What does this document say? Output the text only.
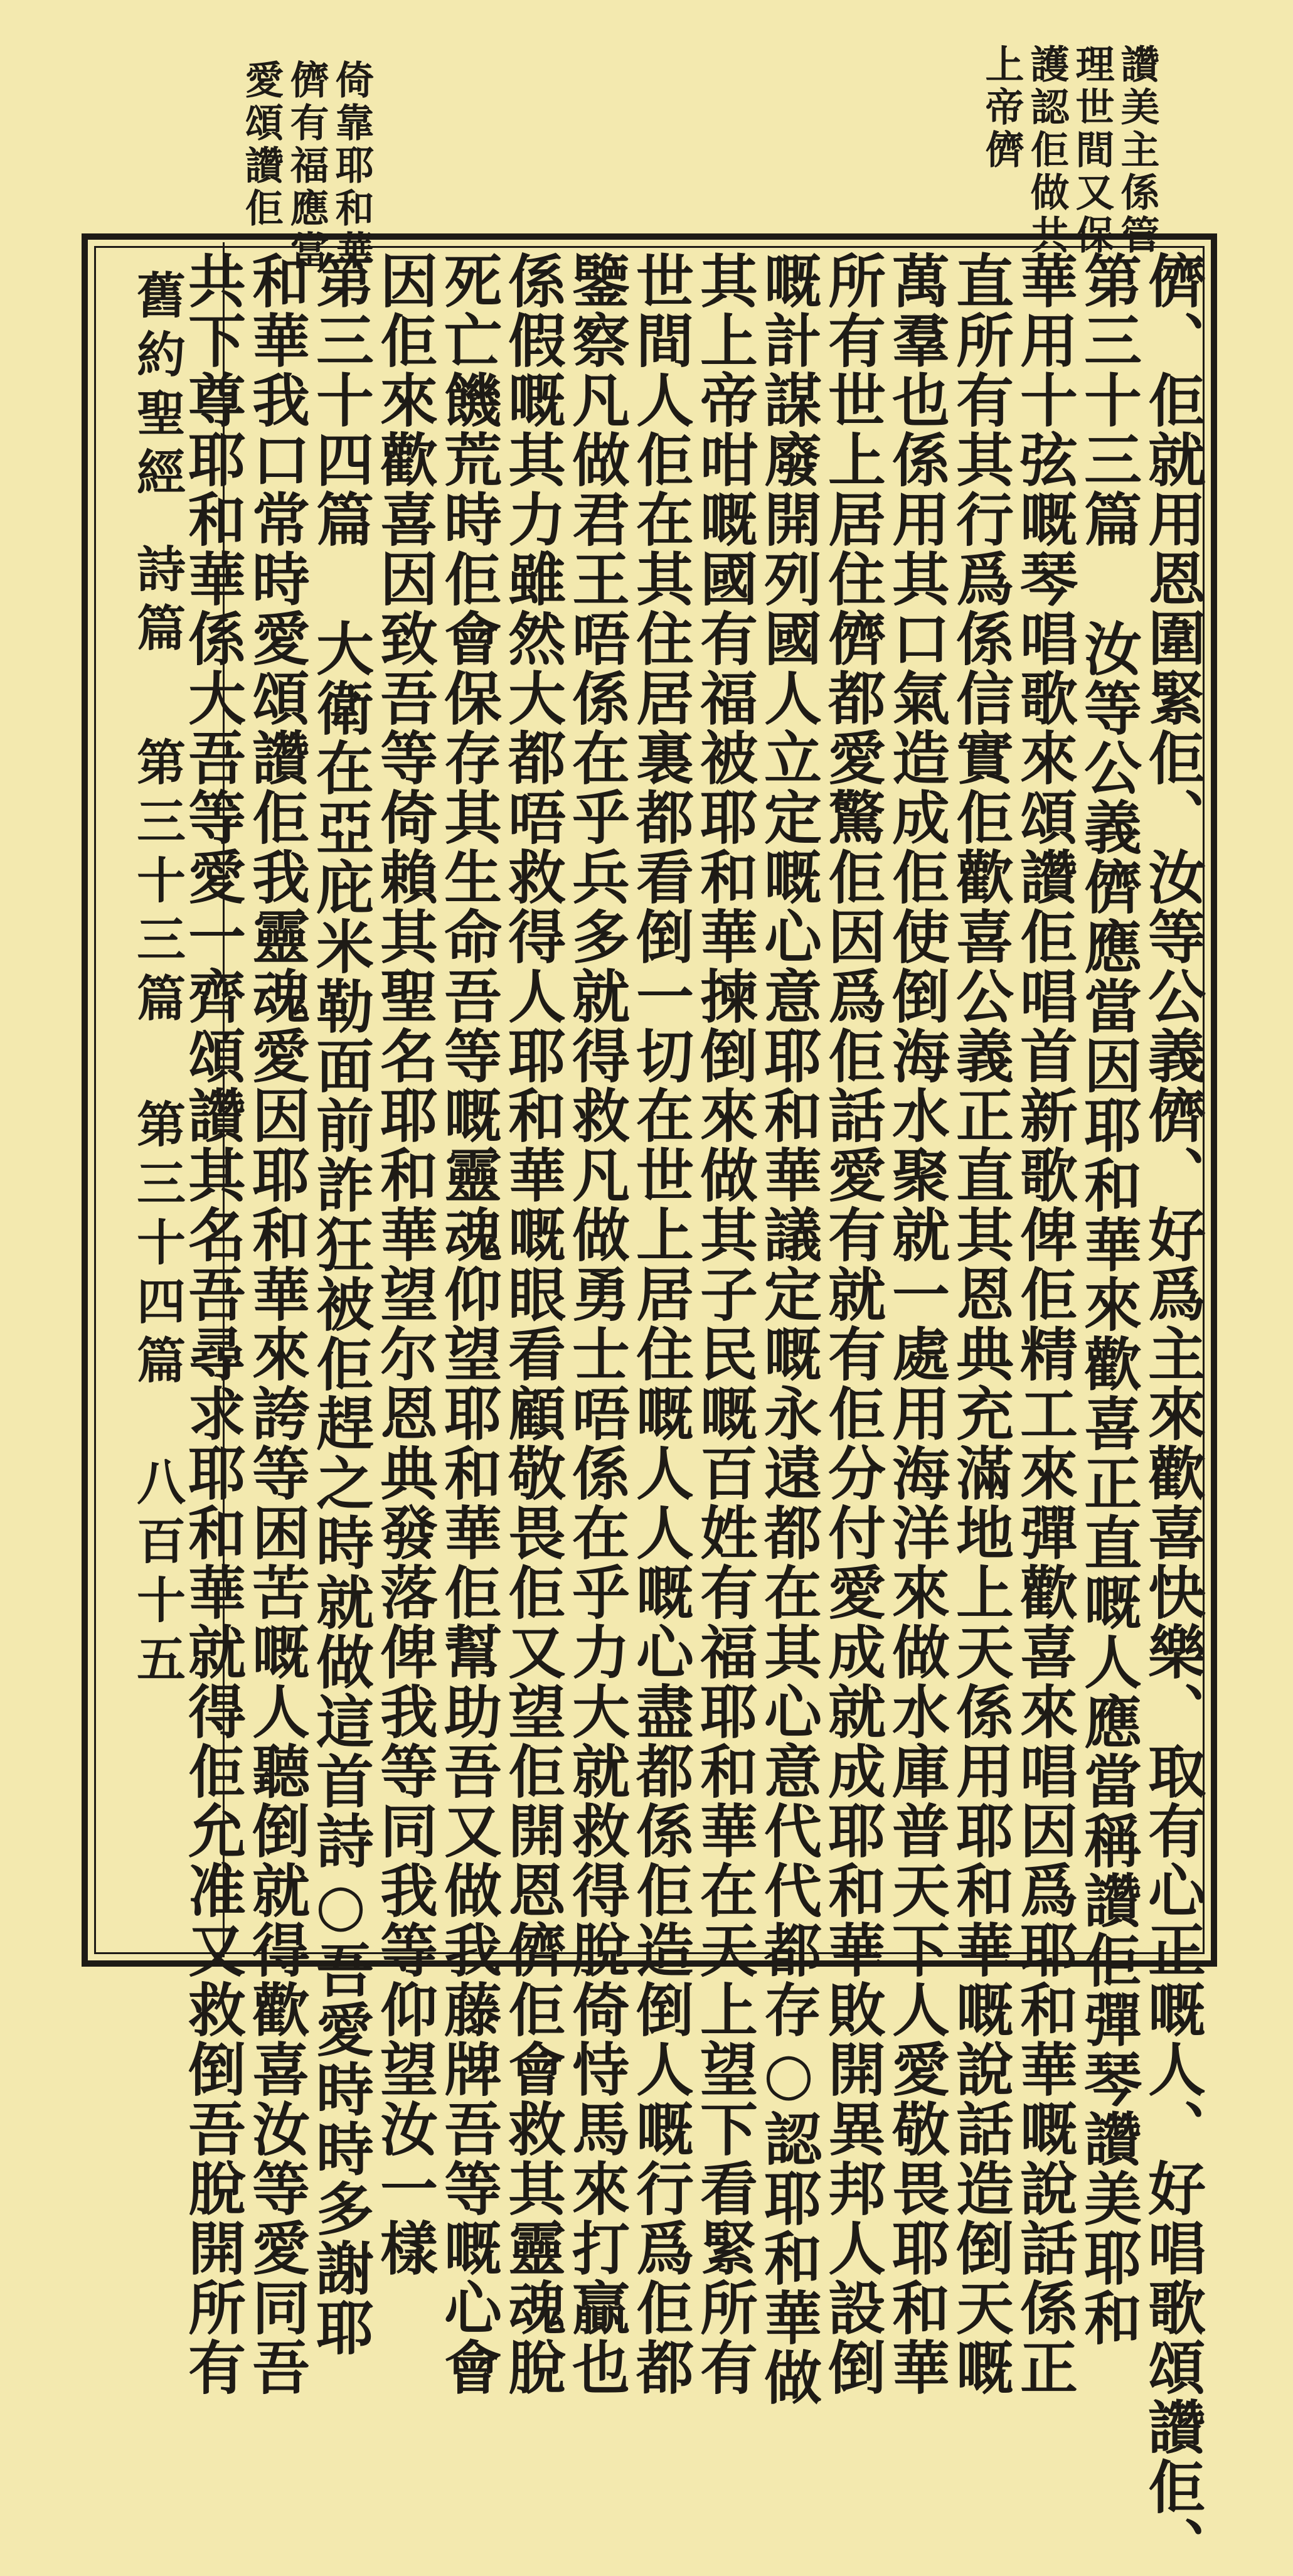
讚美主係管
理世間又保
護認佢做共
上帝儕
倚靠耶和華
儕有福應當
愛頌讚佢
舊約聖經
詩篇
第三十三篇 第三十四篇
八百十五	儕、佢就用恩圍緊佢、汝等公義儕、好爲主來歡喜快樂、取有心正嘅人、好唱歌頌讚佢、
第三十三篇 汝等公義儕應當因耶和華來歡喜正直嘅人應當稱讚佢彈琴讚美耶和
華用十弦嘅琴唱歌來頌讚佢唱首新歌俾佢精工來彈歡喜來唱因爲耶和華嘅說話係正
直所有其行爲係信實佢歡喜公義正直其恩典充滿地上天係用耶和華嘅說話造倒天嘅
萬羣也係用其口氣造成佢使倒海水聚就一處用海洋來做水庫普天下人愛敬畏耶和華
所有世上居住儕都愛驚佢因爲佢話愛有就有佢分付愛成就成耶和華敗開異邦人設倒
嘅計謀廢開列國人立定嘅心意耶和華議定嘅永遠都在其心意代代都存○認耶和華做
其上帝咁嘅國有福被耶和華揀倒來做其子民嘅百姓有福耶和華在天上望下看緊所有
世間人佢在其住居裏都看倒一切在世上居住嘅人人嘅心盡都係佢造倒人嘅行爲佢都
鑒察凡做君王唔係在乎兵多就得救凡做勇士唔係在乎力大就救得脫倚恃馬來打贏也
係假嘅其力雖然大都唔救得人耶和華嘅眼看顧敬畏佢又望佢開恩儕佢會救其靈魂脫
死亡饑荒時佢會保存其生命吾等嘅靈魂仰望耶和華佢幫助吾又做我藤牌吾等嘅心會
因佢來歡喜因致吾等倚賴其聖名耶和華望尔恩典發落俾我等同我等仰望汝一樣
第三十四篇 大衛在亞庇米勒面前詐狂被佢趕之時就做這首詩○吾愛時時多謝耶
和華我口常時愛頌讚佢我靈魂愛因耶和華來誇等困苦嘅人聽倒就得歡喜汝等愛同吾
共下尊耶和華係大吾等愛一齊頌讚其名吾尋求耶和華就得佢允准又救倒吾脫開所有
